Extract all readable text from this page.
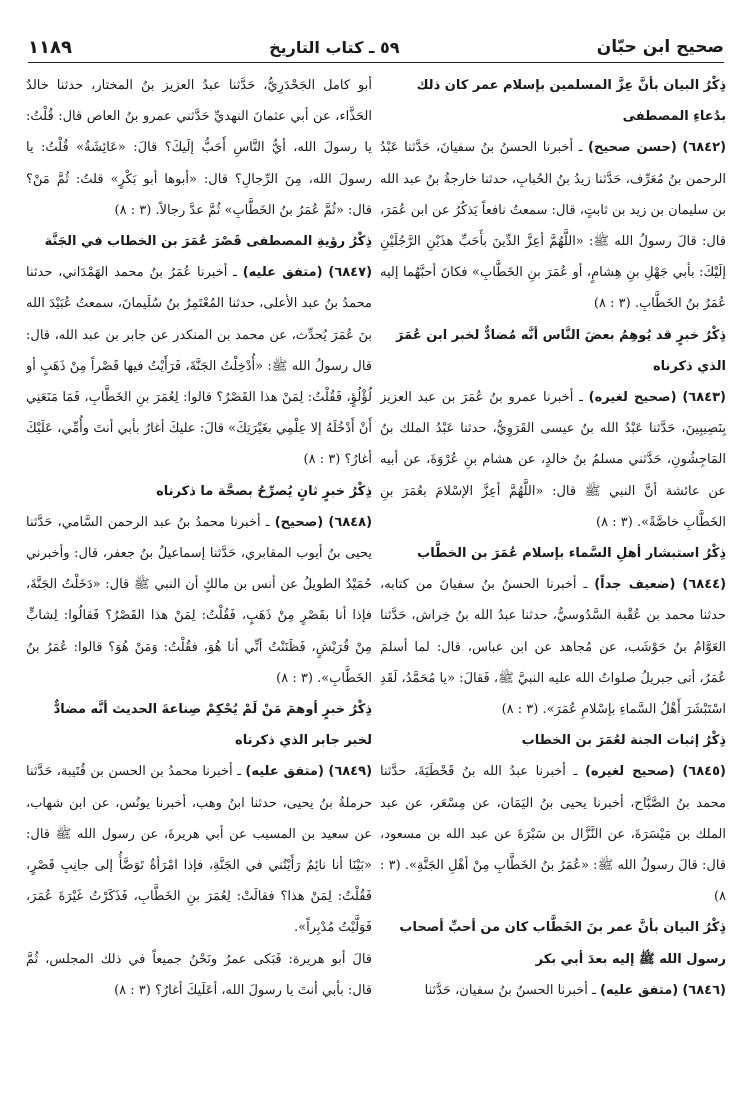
صحيح ابن حبّان
٥٩ ـ كتاب التاريخ
١١٨٩

ذِكْرُ البيان بأنَّ عِزَّ المسلمين بإسلام عمر كان ذلك بدُعاءِ المصطفى

(٦٨٤٢) (حسن صحيح) ـ أخبرنا الحسنُ بنُ سفيانَ، حَدَّثنا عَبْدُ الرحمن بنُ مُعَرِّف، حَدَّثنا زيدُ بنُ الحُبابِ، حدثنا خارجةُ بنُ عبد الله بن سليمان بن زيد بن ثابتٍ، قال: سمعتُ نافعاً يَذكُرُ عن ابن عُمَرَ، قال: قالَ رسولُ الله ﷺ: «اللَّهُمَّ أعِزَّ الدِّينَ بأَحَبِّ هذَيْنِ الرَّجُلَيْنِ إلَيْكَ: بأبي جَهْلِ بنِ هِشامٍ، أو عُمَرَ بنِ الخَطَّابِ» فكانَ أحبَّهُما إليه عُمَرُ بنُ الخَطَّابِ. (٣ : ٨)

ذِكْرُ خبرٍ قد يُوهِمُ بعضَ النَّاس أنَّه مُضادٌّ لخبر ابن عُمَرَ الذي ذكرناه

(٦٨٤٣) (صحيح لغيره) ـ أخبرنا عمرو بنُ عُمَرَ بن عبد العزيز بِنَصِيبِينَ، حَدَّثنا عَبْدُ الله بنُ عيسى القَرَوِيُّ، حدثنا عَبْدُ الملك بنُ المَاجِشُونِ، حَدَّثني مسلمُ بنُ خالدٍ، عن هشام بنِ عُرْوَةَ، عن أبيه عن عائشة أنَّ النبي ﷺ قال: «اللَّهُمَّ أعِزَّ الإسْلامَ بعُمَرَ بنِ الخَطَّابِ خاصَّةً». (٣ : ٨)

ذِكْرُ استبشار أهلِ السَّماء بإسلام عُمَرَ بن الخطَّاب

(٦٨٤٤) (ضعيف جداً) ـ أخبرنا الحسنُ بنُ سفيانَ من كتابه، حدثنا محمد بن عُقْبة السَّدُوسيُّ، حدثنا عبدُ الله بنُ خِراش، حَدَّثنا العَوَّامُ بنُ حَوْشَب، عن مُجاهد عن ابن عباس، قال: لما أسلمَ عُمَرُ، أتى جبريلُ صلواتُ الله عليه النبيَّ ﷺ، فَقالَ: «يا مُحَمَّدُ، لَقَدِ اسْتَبْشَرَ أَهْلُ السَّماءِ بإسْلامِ عُمَرَ». (٣ : ٨)

ذِكْرُ إثبات الجنة لعُمَرَ بن الخطاب

(٦٨٤٥) (صحيح لغيره) ـ أخبرنا عبدُ الله بنُ قَحْطَبَةَ، حدَّثنا محمد بنُ الصَّبَّاح، أخبرنا يحيى بنُ اليَمَان، عن مِسْعَر، عن عبد الملك بن مَيْسَرَةَ، عن النَّزَّال بن سَبْرَةَ عن عبد الله بن مسعود، قال: قالَ رسولُ الله ﷺ: «عُمَرُ بنُ الخَطَّابِ مِنْ أهْلِ الجَنَّةِ». (٣ : ٨)

ذِكْرُ البيان بأنَّ عمر بنَ الخَطَّاب كان من أحبِّ أصحاب رسول الله ﷺ إليه بعدَ أبي بكر

(٦٨٤٦) (متفق عليه) ـ أخبرنا الحسنُ بنُ سفيان، حَدَّثنا

أبو كامل الجَحْدَرِيُّ، حَدَّثنا عبدُ العزيز بنُ المختار، حدثنا خالدٌ الحَذَّاء، عن أبي عثمانَ النهديِّ حَدَّثني عمرو بنُ العاص قال: قُلْتُ: يا رسولَ الله، أيُّ النَّاسِ أَحَبُّ إلَيكَ؟ قالَ: «عَائِشَةُ» قُلْتُ: يا رسولَ الله، مِنَ الرِّجالِ؟ قال: «أبوها أبو بَكْرٍ» قلتُ: ثُمَّ مَنْ؟ قال: «ثُمَّ عُمَرُ بنُ الخَطَّابِ» ثُمَّ عدَّ رجالاً. (٣ : ٨)

ذِكْرُ رؤيةِ المصطفى قَصْرَ عُمَرَ بن الخطاب في الجَنَّة

(٦٨٤٧) (متفق عليه) ـ أخبرنا عُمَرُ بنُ محمد الهَمْدَاني، حدثنا محمدُ بنُ عبد الأعلى، حدثنا المُعْتَمِرُ بنُ سُلَيمانَ، سمعتُ عُبَيْدَ الله بنَ عُمَرَ يُحدِّث، عن محمد بن المنكدر عن جابر بن عبد الله، قال: قال رسولُ الله ﷺ: «أُدْخِلْتُ الجَنَّةَ، فَرَأَيْتُ فيها قَصْراً مِنْ ذَهَبٍ أو لُؤْلُؤٍ، فَقُلْتُ: لِمَنْ هذا القَصْرُ؟ قالوا: لِعُمَرَ بنِ الخَطَّابِ، فَمَا مَنَعَنِي أَنْ أَدْخُلَهُ إلا عِلْمِي بغَيْرَتِكَ» قالَ: عليكَ أغارُ بأبي أنتَ وأُمِّي، عَلَيْكَ أغارُ؟ (٣ : ٨)

ذِكْرُ خبرٍ ثانٍ يُصرِّحُ بصحَّة ما ذكرناه

(٦٨٤٨) (صحيح) ـ أخبرنا محمدُ بنُ عبد الرحمن السَّامي، حَدَّثنا يحيى بنُ أيوب المقابري، حَدَّثنا إسماعيلُ بنُ جعفر، قال: وأخبرني حُمَيْدٌ الطويلُ عن أنس بن مالكٍ أن النبي ﷺ قال: «دَخَلْتُ الجَنَّةَ، فإذا أنا بقَصْرٍ مِنْ ذَهَبٍ، فَقُلْتُ: لِمَنْ هذا القَصْرُ؟ فَقالُوا: لِشابٍّ مِنْ قُرَيْشٍ، فَظَنَنْتُ أنِّي أنا هُوَ، فقُلْتُ: وَمَنْ هُوَ؟ قالوا: عُمَرُ بنُ الخَطَّابِ». (٣ : ٨)

ذِكْرُ خبرٍ أوهمَ مَنْ لَمْ يُحْكِمْ صِناعةَ الحديث أنَّه مضادٌّ لخبر جابر الذي ذكرناه

(٦٨٤٩) (متفق عليه) ـ أخبرنا محمدُ بن الحسن بن قُتَيبة، حَدَّثنا حرملةُ بنُ يحيى، حدثنا ابنُ وهب، أخبرنا يونُس، عن ابن شهاب، عن سعيد بن المسيب عن أبي هريرةَ، عن رسول الله ﷺ قال: «بَيْنَا أنا نائِمٌ رَأَيْتُني في الجَنَّةِ، فإذا امْرَأةٌ تَوَضَّأُ إلى جانِبِ قَصْرٍ، فَقُلْتُ: لِمَنْ هذا؟ فقالَتْ: لِعُمَرَ بنِ الخَطَّابِ، فَذَكَرْتُ غَيْرَةَ عُمَرَ، فَوَلَّيْتُ مُدْبِراً».

قالَ أبو هريرة: فَبَكى عمرُ ونَحْنُ جميعاً في ذلك المجلس، ثُمَّ قال: بأبي أنتَ يا رسولَ الله، أعَلَيكَ أغارُ؟ (٣ : ٨)
